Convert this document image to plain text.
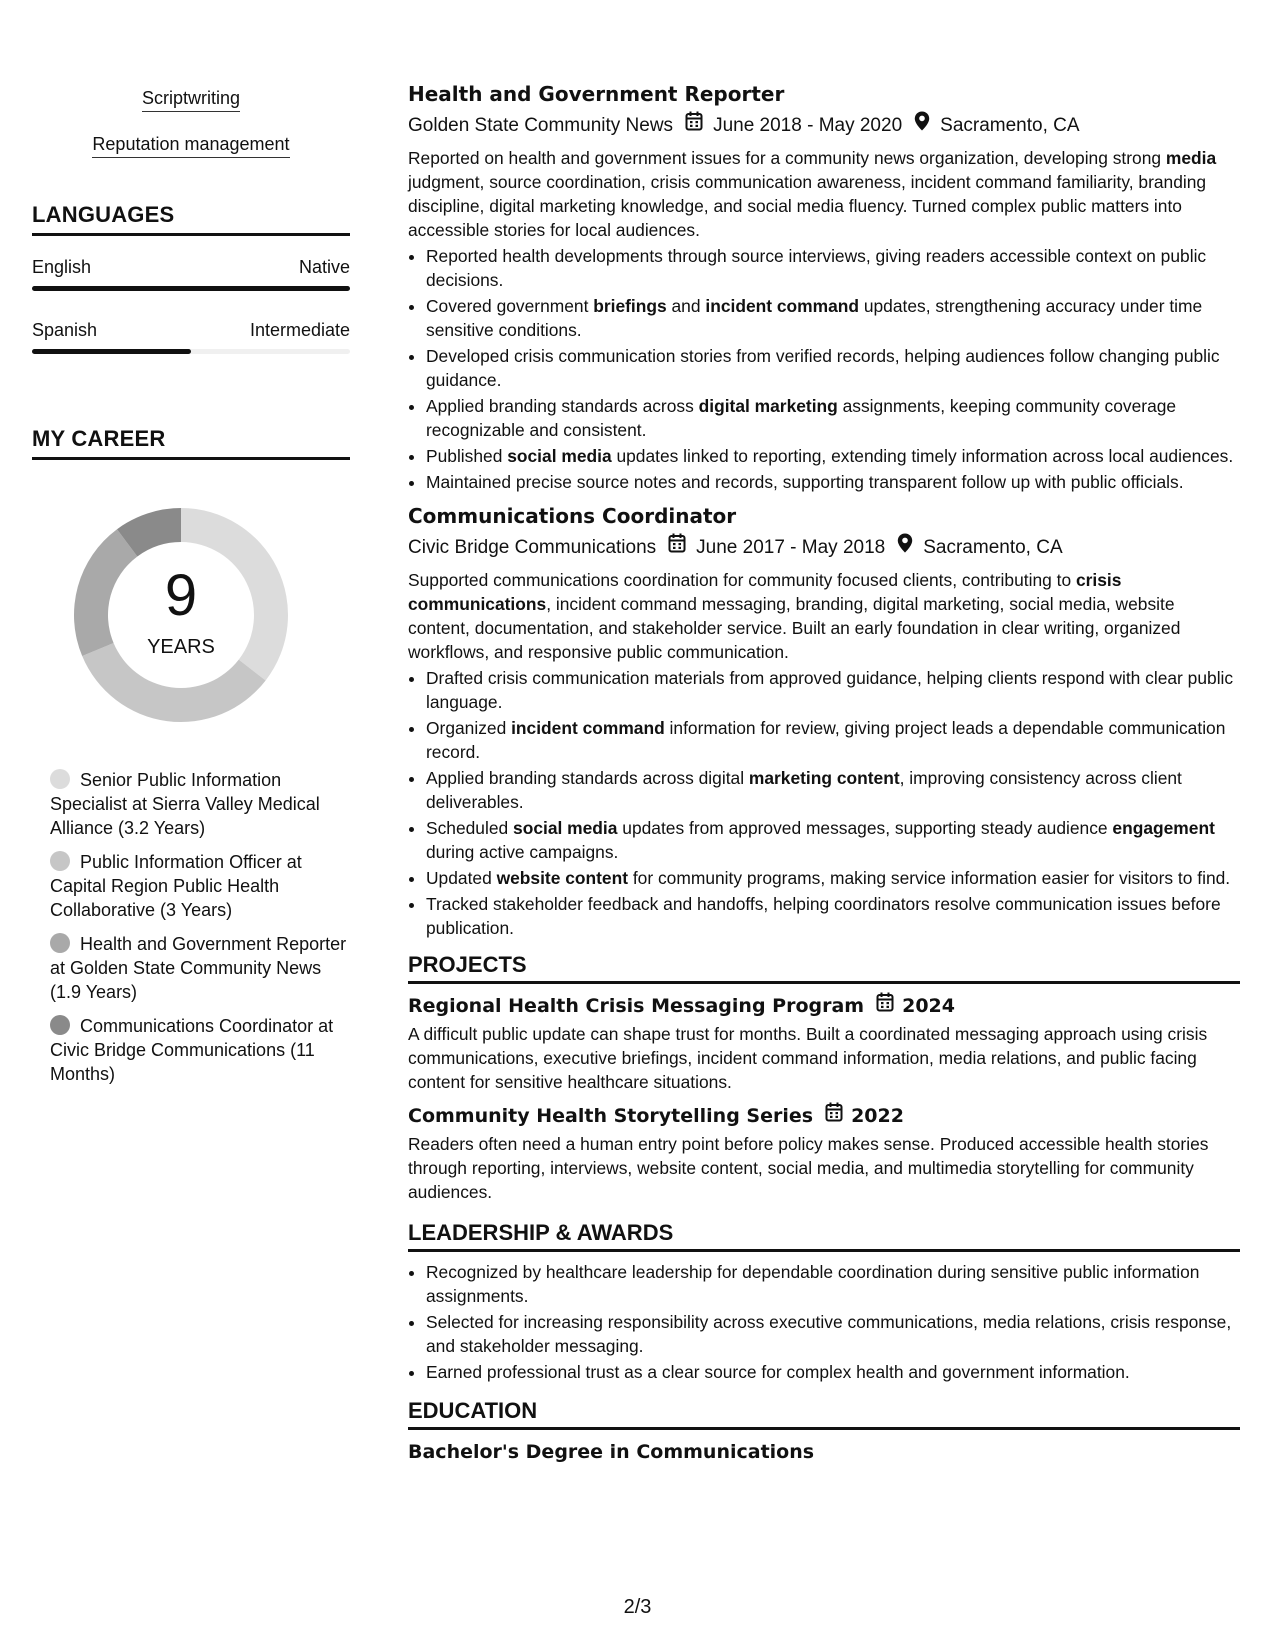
Scriptwriting
Reputation management
LANGUAGES
English	Native
Spanish	Intermediate
MY CAREER
9
YEARS
Senior Public Information Specialist at Sierra Valley Medical Alliance (3.2 Years)
Public Information Officer at Capital Region Public Health Collaborative (3 Years)
Health and Government Reporter at Golden State Community News (1.9 Years)
Communications Coordinator at Civic Bridge Communications (11 Months)
Health and Government Reporter
Golden State Community News June 2018 - May 2020 Sacramento, CA
Reported on health and government issues for a community news organization, developing strong media judgment, source coordination, crisis communication awareness, incident command familiarity, branding discipline, digital marketing knowledge, and social media fluency. Turned complex public matters into accessible stories for local audiences.
• Reported health developments through source interviews, giving readers accessible context on public decisions.
• Covered government briefings and incident command updates, strengthening accuracy under time sensitive conditions.
• Developed crisis communication stories from verified records, helping audiences follow changing public guidance.
• Applied branding standards across digital marketing assignments, keeping community coverage recognizable and consistent.
• Published social media updates linked to reporting, extending timely information across local audiences.
• Maintained precise source notes and records, supporting transparent follow up with public officials.
Communications Coordinator
Civic Bridge Communications June 2017 - May 2018 Sacramento, CA
Supported communications coordination for community focused clients, contributing to crisis communications, incident command messaging, branding, digital marketing, social media, website content, documentation, and stakeholder service. Built an early foundation in clear writing, organized workflows, and responsive public communication.
• Drafted crisis communication materials from approved guidance, helping clients respond with clear public language.
• Organized incident command information for review, giving project leads a dependable communication record.
• Applied branding standards across digital marketing content, improving consistency across client deliverables.
• Scheduled social media updates from approved messages, supporting steady audience engagement during active campaigns.
• Updated website content for community programs, making service information easier for visitors to find.
• Tracked stakeholder feedback and handoffs, helping coordinators resolve communication issues before publication.
PROJECTS
Regional Health Crisis Messaging Program 2024
A difficult public update can shape trust for months. Built a coordinated messaging approach using crisis communications, executive briefings, incident command information, media relations, and public facing content for sensitive healthcare situations.
Community Health Storytelling Series 2022
Readers often need a human entry point before policy makes sense. Produced accessible health stories through reporting, interviews, website content, social media, and multimedia storytelling for community audiences.
LEADERSHIP & AWARDS
• Recognized by healthcare leadership for dependable coordination during sensitive public information assignments.
• Selected for increasing responsibility across executive communications, media relations, crisis response, and stakeholder messaging.
• Earned professional trust as a clear source for complex health and government information.
EDUCATION
Bachelor's Degree in Communications
2/3
